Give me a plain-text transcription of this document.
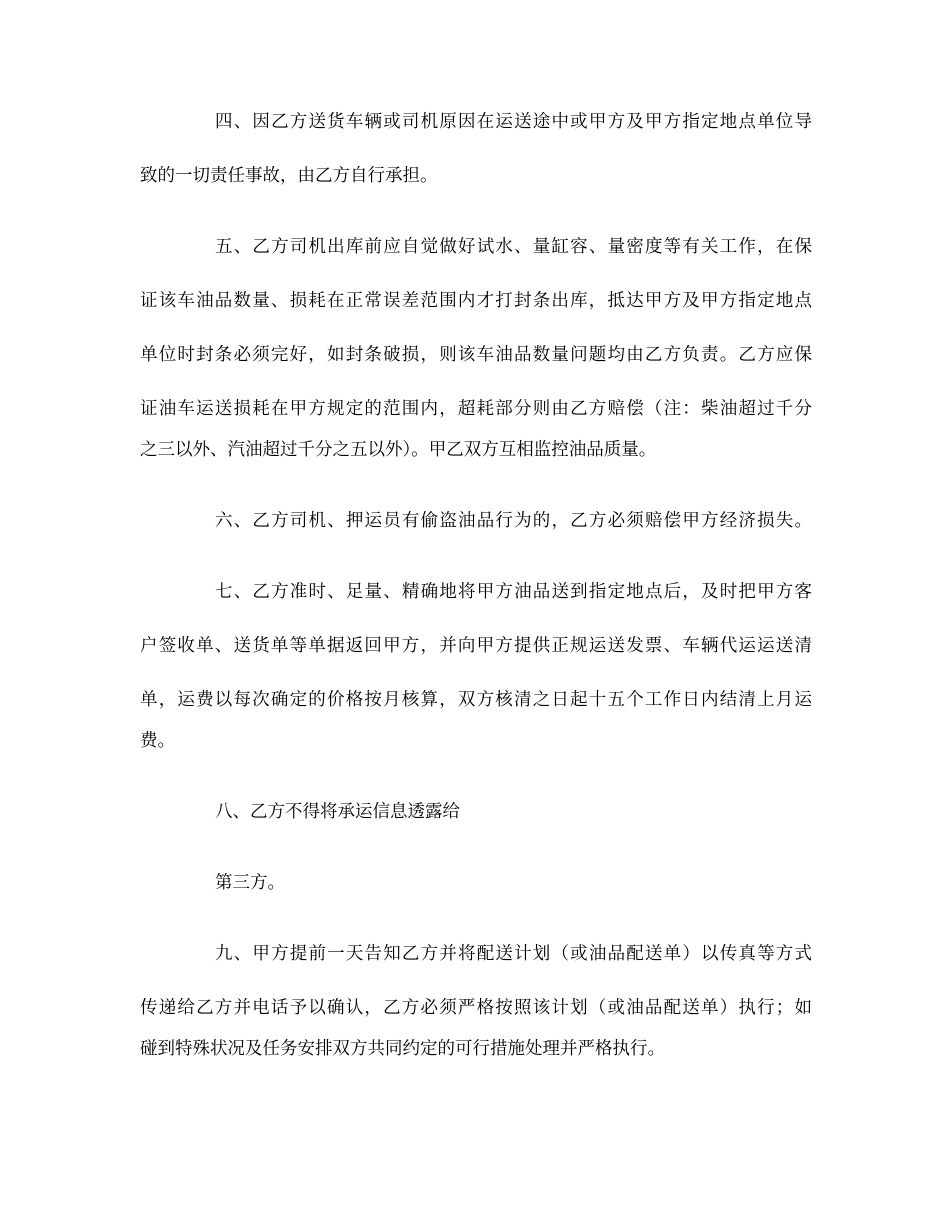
四、因乙方送货车辆或司机原因在运送途中或甲方及甲方指定地点单位导
致的一切责任事故，由乙方自行承担。
五、乙方司机出库前应自觉做好试水、量缸容、量密度等有关工作，在保
证该车油品数量、损耗在正常误差范围内才打封条出库，抵达甲方及甲方指定地点
单位时封条必须完好，如封条破损，则该车油品数量问题均由乙方负责。乙方应保
证油车运送损耗在甲方规定的范围内，超耗部分则由乙方赔偿（注：柴油超过千分
之三以外、汽油超过千分之五以外）。甲乙双方互相监控油品质量。
六、乙方司机、押运员有偷盗油品行为的，乙方必须赔偿甲方经济损失。
七、乙方准时、足量、精确地将甲方油品送到指定地点后，及时把甲方客
户签收单、送货单等单据返回甲方，并向甲方提供正规运送发票、车辆代运运送清
单，运费以每次确定的价格按月核算，双方核清之日起十五个工作日内结清上月运
费。
八、乙方不得将承运信息透露给
第三方。
九、甲方提前一天告知乙方并将配送计划（或油品配送单）以传真等方式
传递给乙方并电话予以确认，乙方必须严格按照该计划（或油品配送单）执行；如
碰到特殊状况及任务安排双方共同约定的可行措施处理并严格执行。
